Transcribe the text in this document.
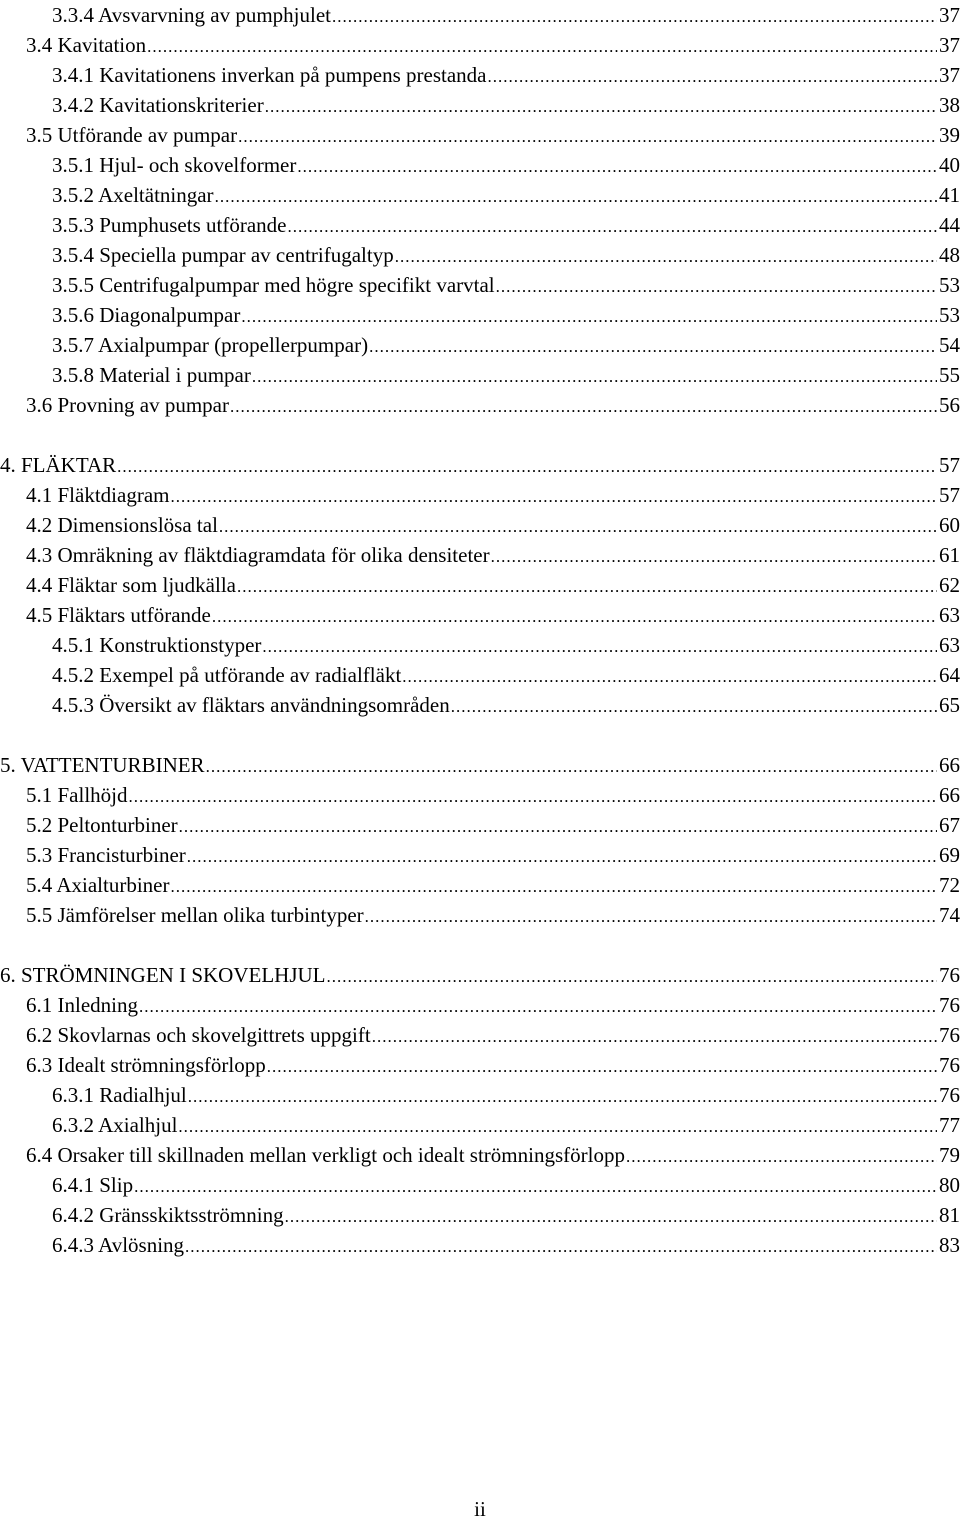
3.3.4 Avsvarvning av pumphjulet .....	37
3.4 Kavitation .....	37
3.4.1 Kavitationens inverkan på pumpens prestanda .....	37
3.4.2 Kavitationskriterier .....	38
3.5 Utförande av pumpar .....	39
3.5.1 Hjul- och skovelformer .....	40
3.5.2 Axeltätningar .....	41
3.5.3 Pumphusets utförande .....	44
3.5.4 Speciella pumpar av centrifugaltyp .....	48
3.5.5 Centrifugalpumpar med högre specifikt varvtal .....	53
3.5.6 Diagonalpumpar .....	53
3.5.7 Axialpumpar (propellerpumpar) .....	54
3.5.8 Material i pumpar .....	55
3.6 Provning av pumpar .....	56
4. FLÄKTAR .....	57
4.1 Fläktdiagram .....	57
4.2 Dimensionslösa tal .....	60
4.3 Omräkning av fläktdiagramdata för olika densiteter .....	61
4.4 Fläktar som ljudkälla .....	62
4.5 Fläktars utförande .....	63
4.5.1 Konstruktionstyper .....	63
4.5.2 Exempel på utförande av radialfläkt .....	64
4.5.3 Översikt av fläktars användningsområden .....	65
5. VATTENTURBINER .....	66
5.1 Fallhöjd .....	66
5.2 Peltonturbiner .....	67
5.3 Francisturbiner .....	69
5.4 Axialturbiner .....	72
5.5 Jämförelser mellan olika turbintyper .....	74
6. STRÖMNINGEN I SKOVELHJUL .....	76
6.1 Inledning .....	76
6.2 Skovlarnas och skovelgittrets uppgift .....	76
6.3 Idealt strömningsförlopp .....	76
6.3.1 Radialhjul .....	76
6.3.2 Axialhjul .....	77
6.4 Orsaker till skillnaden mellan verkligt och idealt strömningsförlopp .....	79
6.4.1 Slip .....	80
6.4.2 Gränsskiktsströmning .....	81
6.4.3 Avlösning .....	83
ii
